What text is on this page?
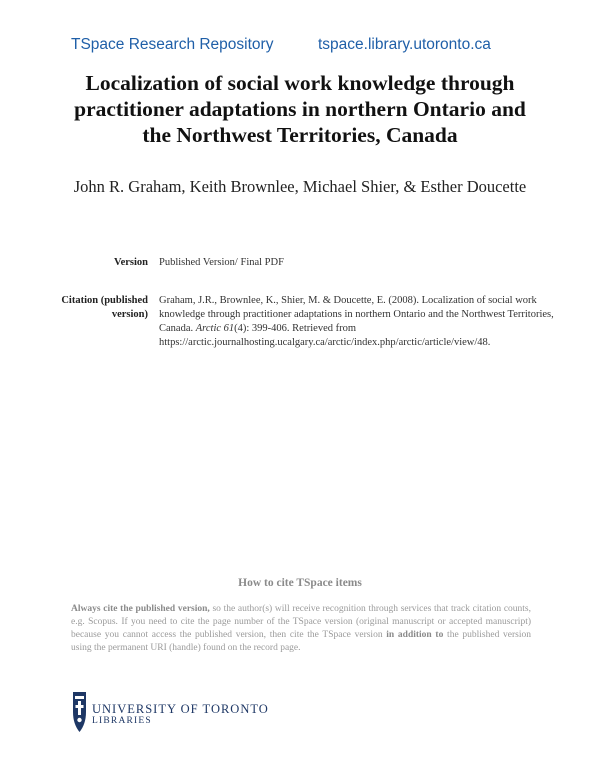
TSpace Research Repository	tspace.library.utoronto.ca
Localization of social work knowledge through practitioner adaptations in northern Ontario and the Northwest Territories, Canada
John R. Graham, Keith Brownlee, Michael Shier, & Esther Doucette
Version Published Version/ Final PDF
Citation (published version)
Graham, J.R., Brownlee, K., Shier, M. & Doucette, E. (2008). Localization of social work knowledge through practitioner adaptations in northern Ontario and the Northwest Territories, Canada. Arctic 61(4): 399-406. Retrieved from https://arctic.journalhosting.ucalgary.ca/arctic/index.php/arctic/article/view/48.
How to cite TSpace items
Always cite the published version, so the author(s) will receive recognition through services that track citation counts, e.g. Scopus. If you need to cite the page number of the TSpace version (original manuscript or accepted manuscript) because you cannot access the published version, then cite the TSpace version in addition to the published version using the permanent URI (handle) found on the record page.
UNIVERSITY OF TORONTO
LIBRARIES
